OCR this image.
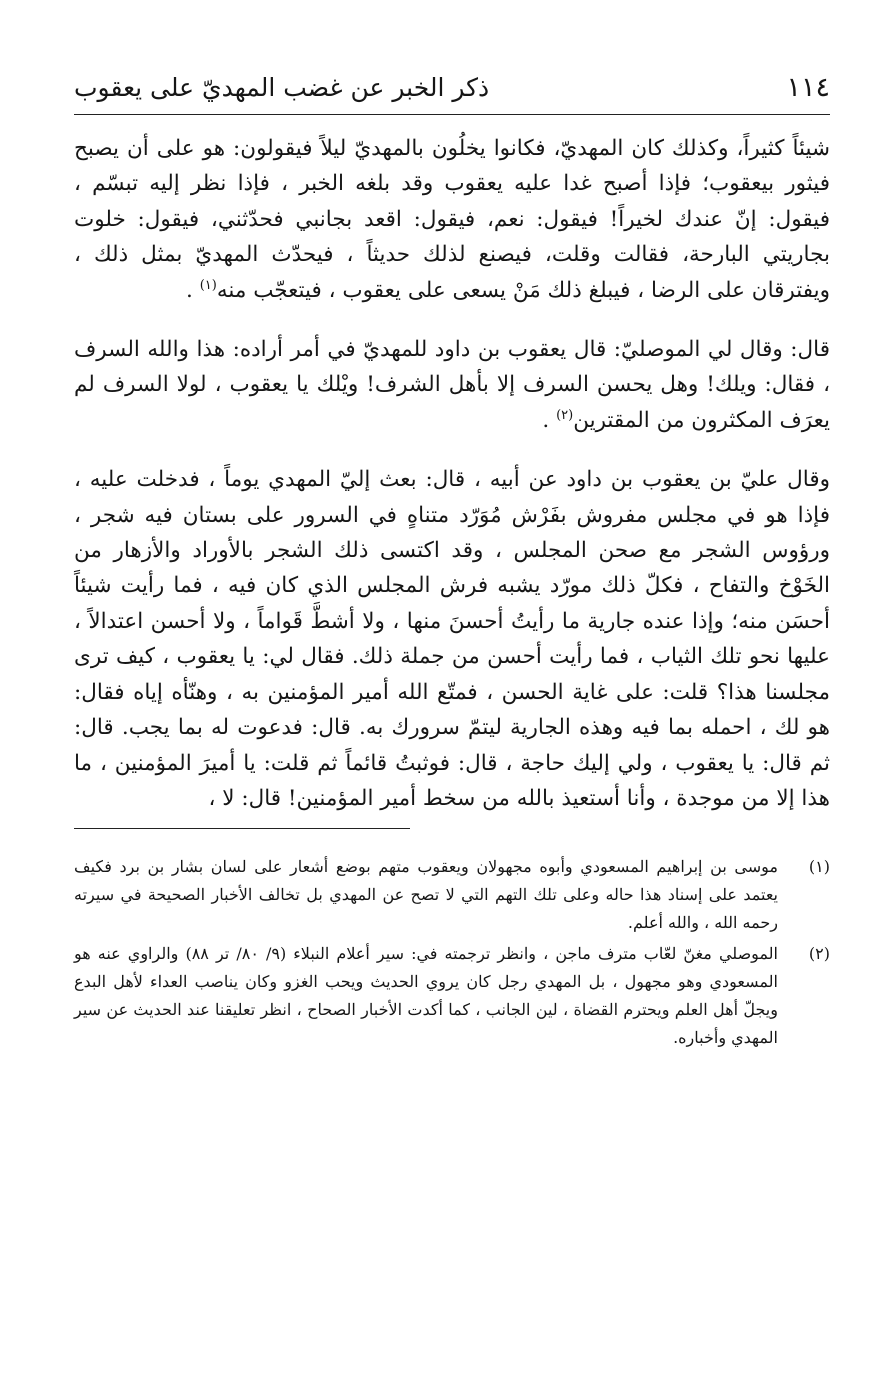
١١٤
ذكر الخبر عن غضب المهديّ على يعقوب

شيئاً كثيراً، وكذلك كان المهديّ، فكانوا يخلُون بالمهديّ ليلاً فيقولون: هو على أن يصبح فيثور بيعقوب؛ فإذا أصبح غدا عليه يعقوب وقد بلغه الخبر ، فإذا نظر إليه تبسّم ، فيقول: إنّ عندك لخيراً! فيقول: نعم، فيقول: اقعد بجانبي فحدّثني، فيقول: خلوت بجاريتي البارحة، فقالت وقلت، فيصنع لذلك حديثاً ، فيحدّث المهديّ بمثل ذلك ، ويفترقان على الرضا ، فيبلغ ذلك مَنْ يسعى على يعقوب ، فيتعجّب منه$^{(١)}$ .

قال: وقال لي الموصليّ: قال يعقوب بن داود للمهديّ في أمر أراده: هذا والله السرف ، فقال: ويلك! وهل يحسن السرف إلا بأهل الشرف! ويْلك يا يعقوب ، لولا السرف لم يعرَف المكثرون من المقترين$^{(٢)}$ .

وقال عليّ بن يعقوب بن داود عن أبيه ، قال: بعث إليّ المهدي يوماً ، فدخلت عليه ، فإذا هو في مجلس مفروش بفَرْش مُوَرّد متناهٍ في السرور على بستان فيه شجر ، ورؤوس الشجر مع صحن المجلس ، وقد اكتسى ذلك الشجر بالأوراد والأزهار من الخَوْخ والتفاح ، فكلّ ذلك مورّد يشبه فرش المجلس الذي كان فيه ، فما رأيت شيئاً أحسَن منه؛ وإذا عنده جارية ما رأيتُ أحسنَ منها ، ولا أشطَّ قَواماً ، ولا أحسن اعتدالاً ، عليها نحو تلك الثياب ، فما رأيت أحسن من جملة ذلك. فقال لي: يا يعقوب ، كيف ترى مجلسنا هذا؟ قلت: على غاية الحسن ، فمتّع الله أمير المؤمنين به ، وهنّأه إياه فقال: هو لك ، احمله بما فيه وهذه الجارية ليتمّ سرورك به. قال: فدعوت له بما يجب. قال: ثم قال: يا يعقوب ، ولي إليك حاجة ، قال: فوثبتُ قائماً ثم قلت: يا أميرَ المؤمنين ، ما هذا إلا من موجدة ، وأنا أستعيذ بالله من سخط أمير المؤمنين! قال: لا ،

(١)
موسى بن إبراهيم المسعودي وأبوه مجهولان ويعقوب متهم بوضع أشعار على لسان بشار بن برد فكيف يعتمد على إسناد هذا حاله وعلى تلك التهم التي لا تصح عن المهدي بل تخالف الأخبار الصحيحة في سيرته رحمه الله ، والله أعلم.
(٢)
الموصلي مغنّ لعّاب مترف ماجن ، وانظر ترجمته في: سير أعلام النبلاء (٩/ ٨٠/ تر ٨٨) والراوي عنه هو المسعودي وهو مجهول ، بل المهدي رجل كان يروي الحديث ويحب الغزو وكان يناصب العداء لأهل البدع ويجلّ أهل العلم ويحترم القضاة ، لين الجانب ، كما أكدت الأخبار الصحاح ، انظر تعليقنا عند الحديث عن سير المهدي وأخباره.
